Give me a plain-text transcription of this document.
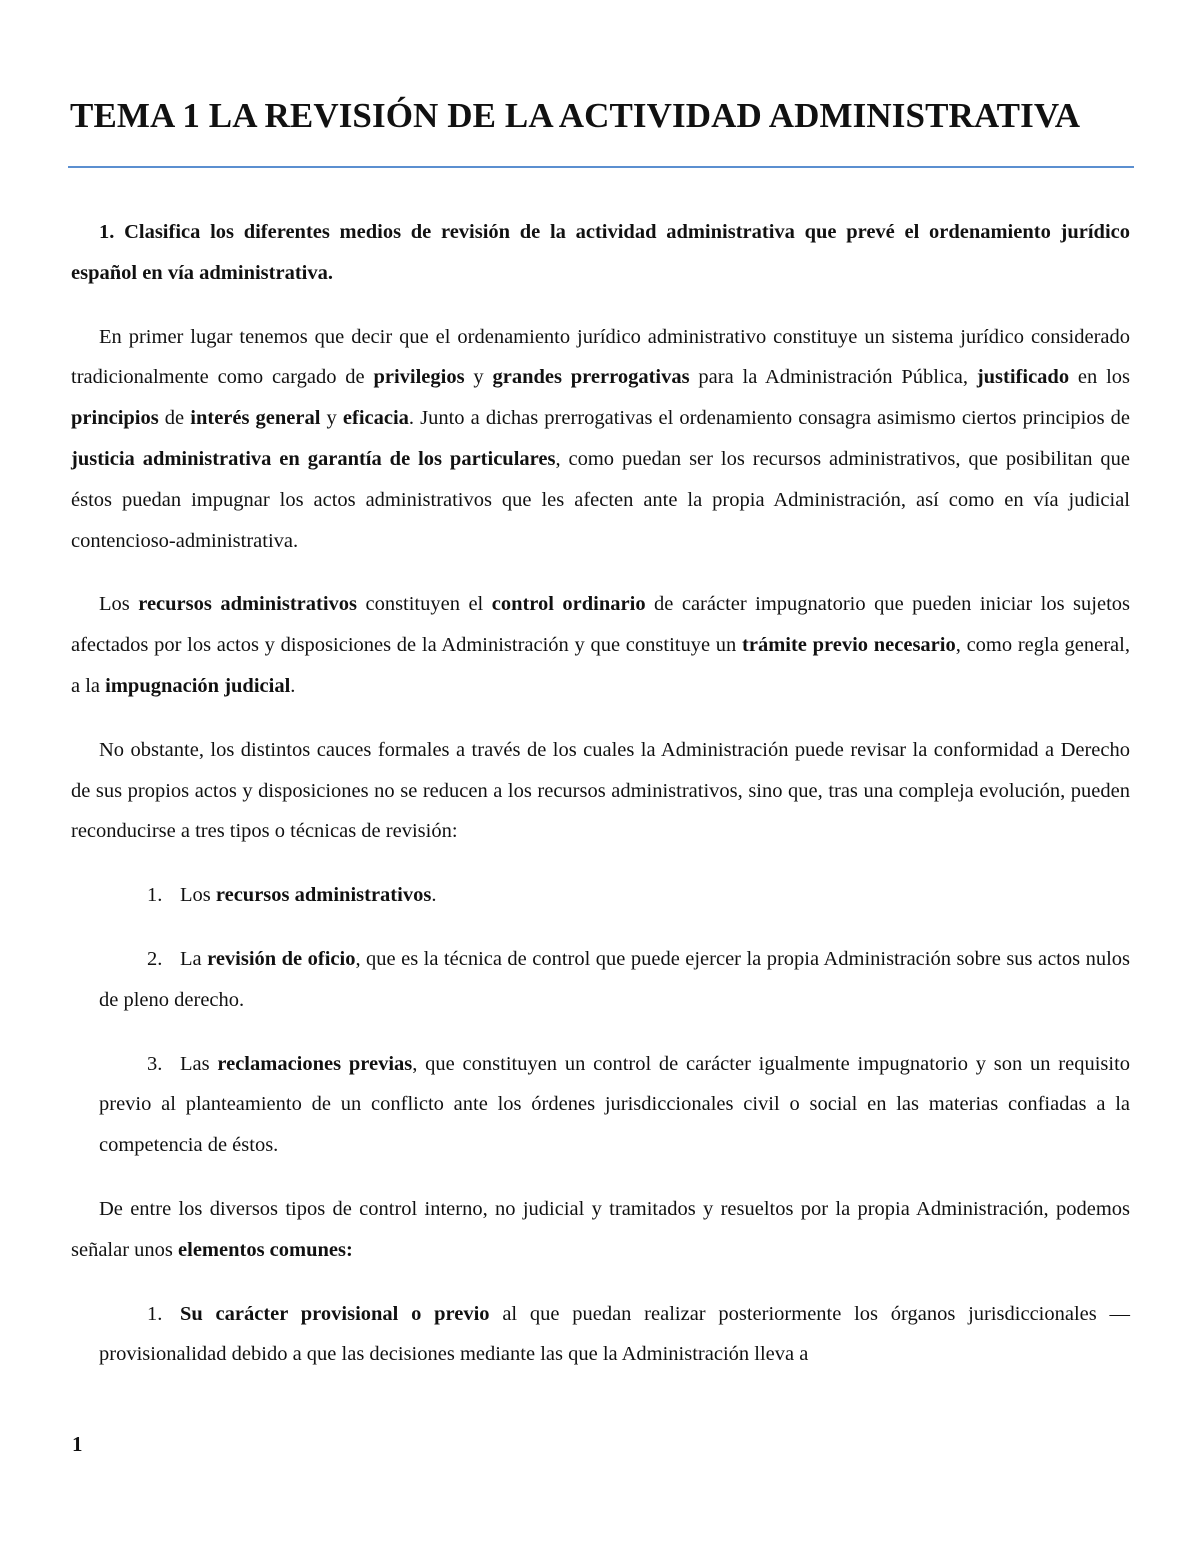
TEMA 1 LA REVISIÓN DE LA ACTIVIDAD ADMINISTRATIVA

1. Clasifica los diferentes medios de revisión de la actividad administrativa que prevé el ordenamiento jurídico español en vía administrativa.

En primer lugar tenemos que decir que el ordenamiento jurídico administrativo constituye un sistema jurídico considerado tradicionalmente como cargado de privilegios y grandes prerrogativas para la Administración Pública, justificado en los principios de interés general y eficacia. Junto a dichas prerrogativas el ordenamiento consagra asimismo ciertos principios de justicia administrativa en garantía de los particulares, como puedan ser los recursos administrativos, que posibilitan que éstos puedan impugnar los actos administrativos que les afecten ante la propia Administración, así como en vía judicial contencioso-administrativa.

Los recursos administrativos constituyen el control ordinario de carácter impugnatorio que pueden iniciar los sujetos afectados por los actos y disposiciones de la Administración y que constituye un trámite previo necesario, como regla general, a la impugnación judicial.

No obstante, los distintos cauces formales a través de los cuales la Administración puede revisar la conformidad a Derecho de sus propios actos y disposiciones no se reducen a los recursos administrativos, sino que, tras una compleja evolución, pueden reconducirse a tres tipos o técnicas de revisión:

1. Los recursos administrativos.

2. La revisión de oficio, que es la técnica de control que puede ejercer la propia Administración sobre sus actos nulos de pleno derecho.

3. Las reclamaciones previas, que constituyen un control de carácter igualmente impugnatorio y son un requisito previo al planteamiento de un conflicto ante los órdenes jurisdiccionales civil o social en las materias confiadas a la competencia de éstos.

De entre los diversos tipos de control interno, no judicial y tramitados y resueltos por la propia Administración, podemos señalar unos elementos comunes:

1. Su carácter provisional o previo al que puedan realizar posteriormente los órganos jurisdiccionales —provisionalidad debido a que las decisiones mediante las que la Administración lleva a

1
